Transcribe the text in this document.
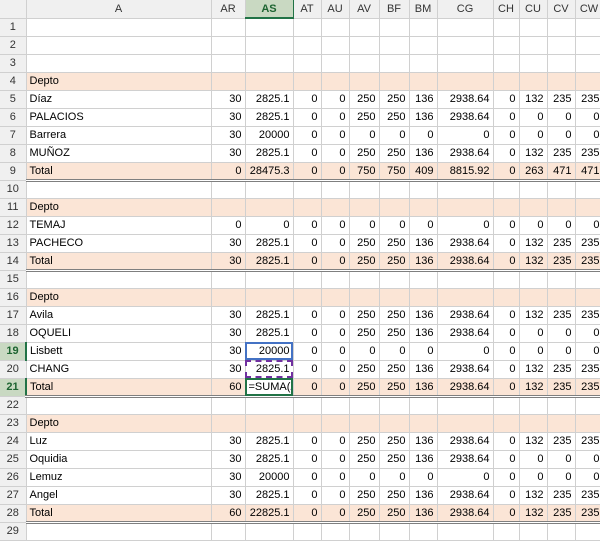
	A	AR	AS	AT	AU	AV	BF	BM	CG	CH	CU	CV	CW	
1														
2														
3														
4	Depto													
5	Díaz	30	2825.1	0	0	250	250	136	2938.64	0	132	235	235	
6	PALACIOS	30	2825.1	0	0	250	250	136	2938.64	0	0	0	0	
7	Barrera	30	20000	0	0	0	0	0	0	0	0	0	0	
8	MUÑOZ	30	2825.1	0	0	250	250	136	2938.64	0	132	235	235	
9	Total	0	28475.3	0	0	750	750	409	8815.92	0	263	471	471	
10														
11	Depto													
12	TEMAJ	0	0	0	0	0	0	0	0	0	0	0	0	
13	PACHECO	30	2825.1	0	0	250	250	136	2938.64	0	132	235	235	
14	Total	30	2825.1	0	0	250	250	136	2938.64	0	132	235	235	
15														
16	Depto													
17	Avila	30	2825.1	0	0	250	250	136	2938.64	0	132	235	235	
18	OQUELI	30	2825.1	0	0	250	250	136	2938.64	0	0	0	0	
19	Lisbett	30	20000	0	0	0	0	0	0	0	0	0	0	
20	CHANG	30	2825.1	0	0	250	250	136	2938.64	0	132	235	235	
21	Total	60	=SUMA(	0	0	250	250	136	2938.64	0	132	235	235	
22														
23	Depto													
24	Luz	30	2825.1	0	0	250	250	136	2938.64	0	132	235	235	
25	Oquidia	30	2825.1	0	0	250	250	136	2938.64	0	0	0	0	
26	Lemuz	30	20000	0	0	0	0	0	0	0	0	0	0	
27	Angel	30	2825.1	0	0	250	250	136	2938.64	0	132	235	235	
28	Total	60	22825.1	0	0	250	250	136	2938.64	0	132	235	235	
29														
